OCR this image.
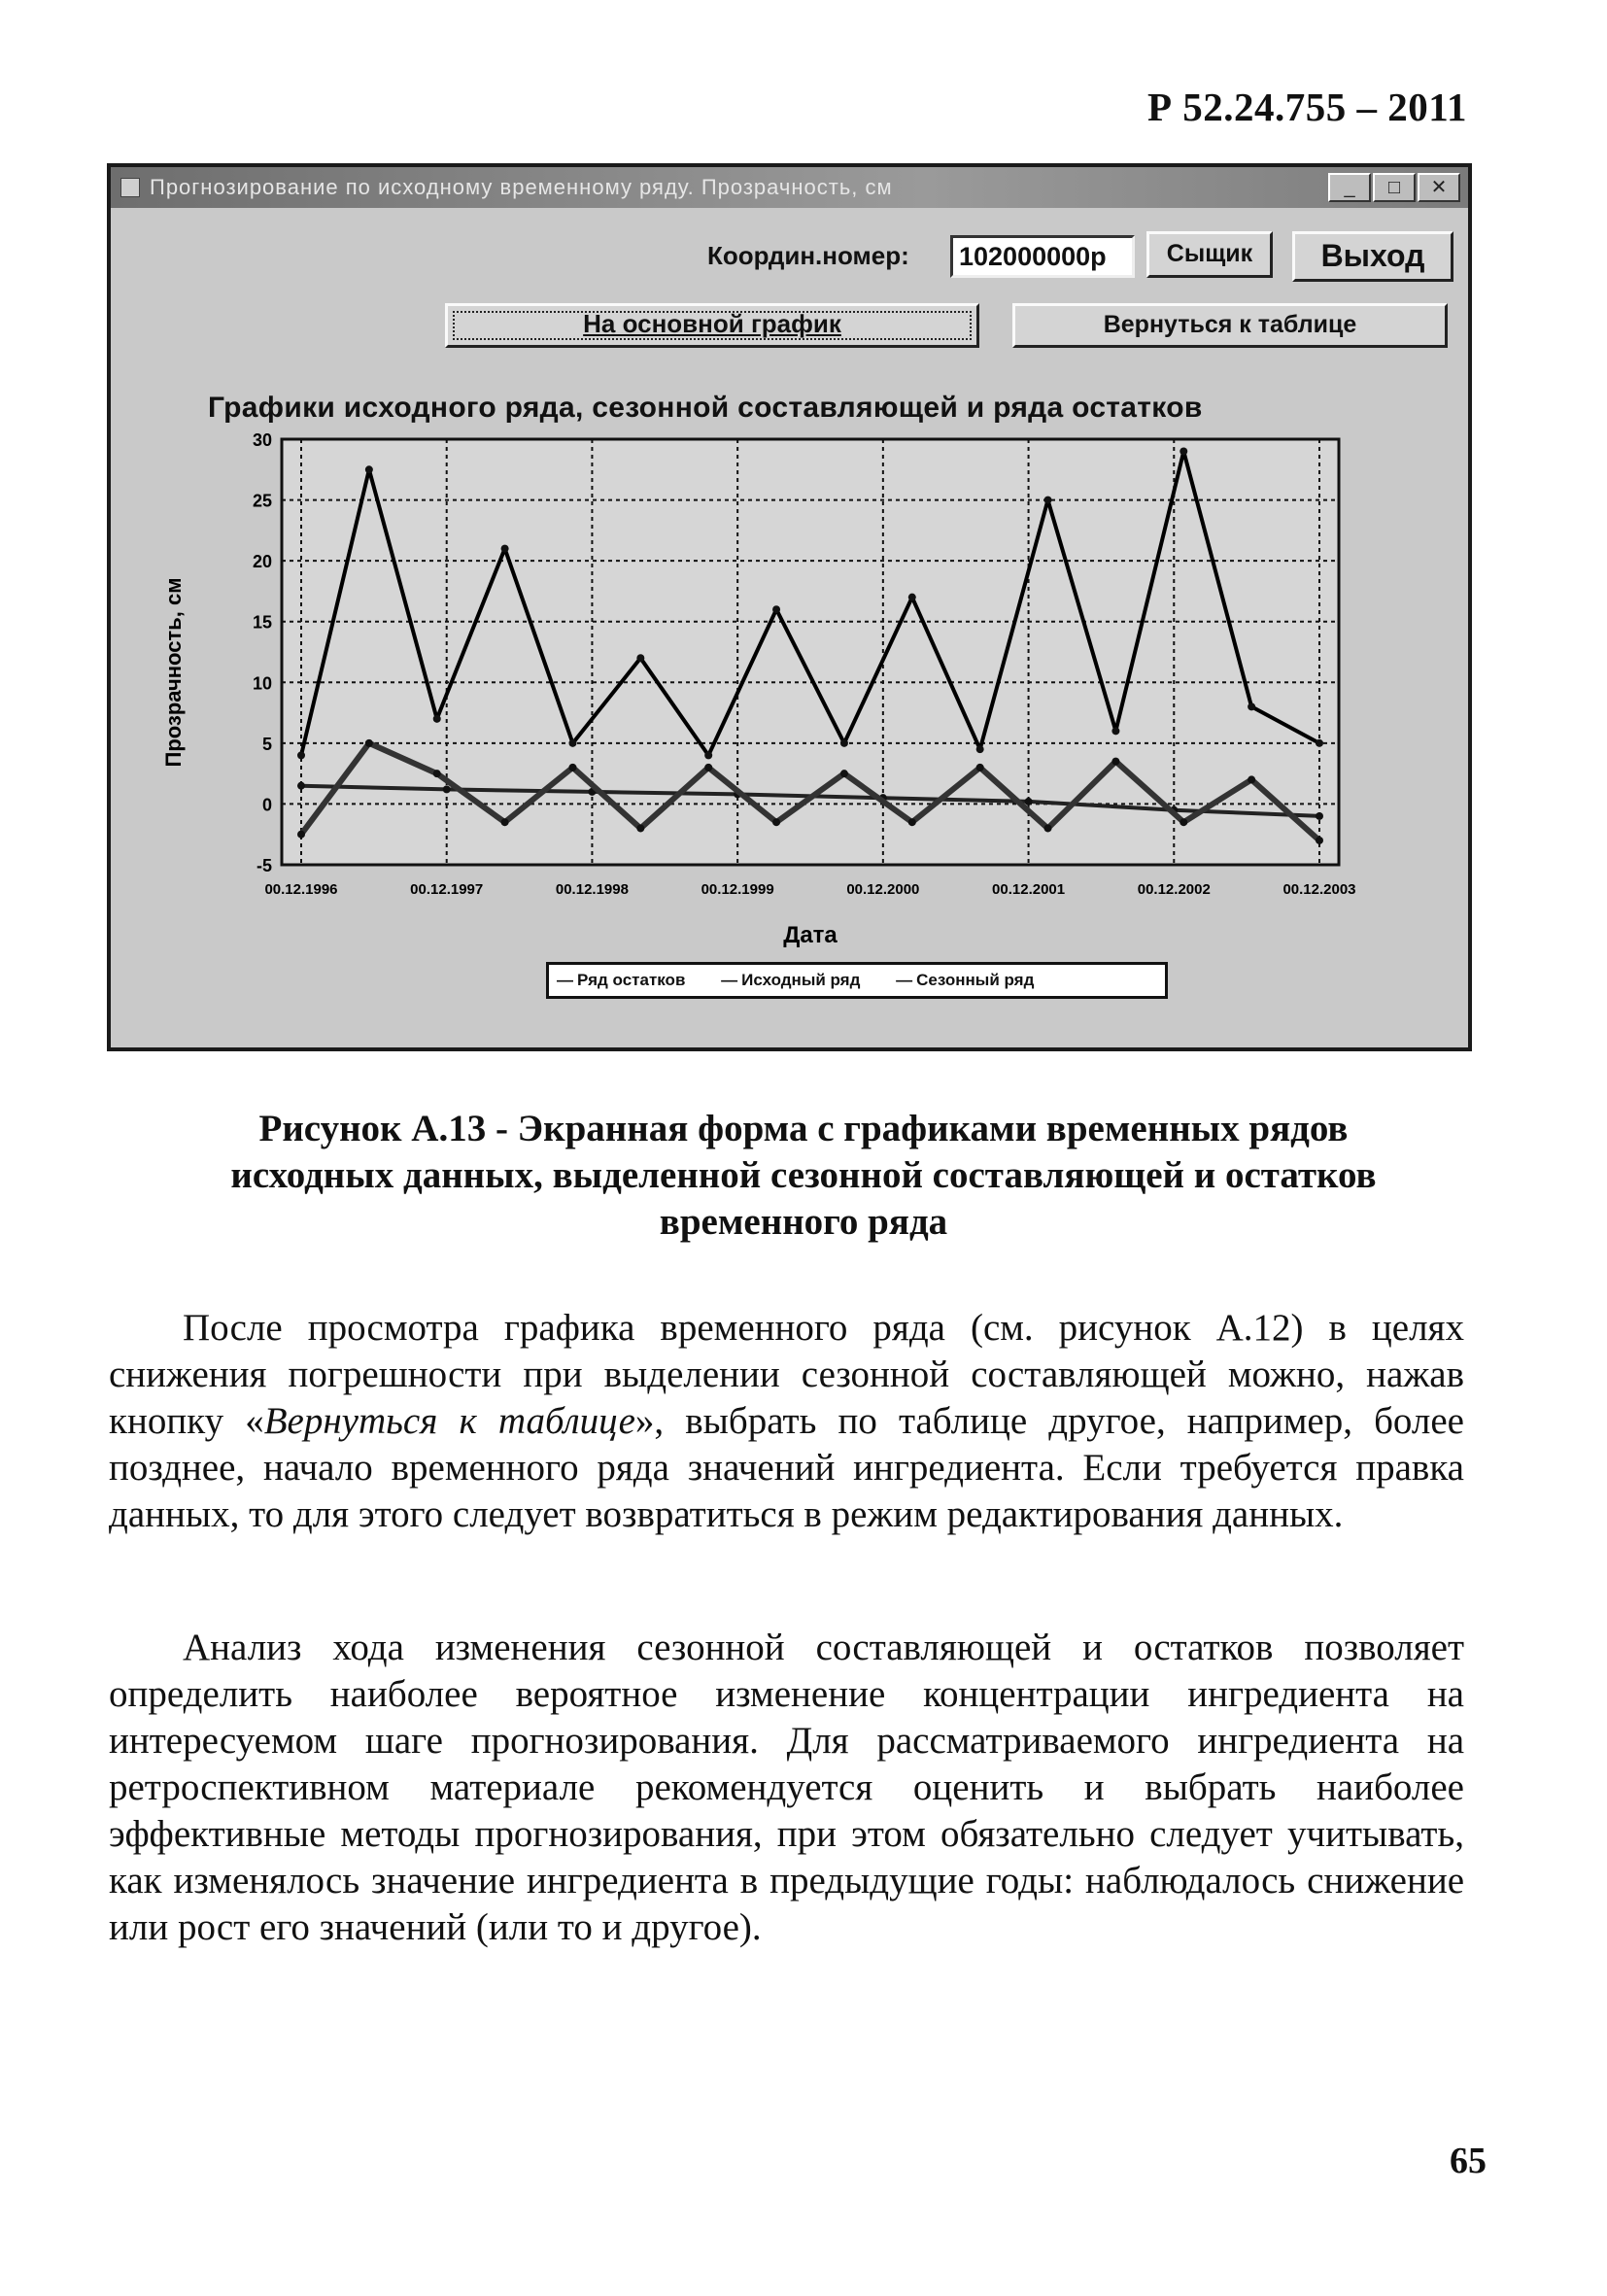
Р 52.24.755 – 2011
Прогнозирование по исходному временному ряду. Прозрачность, см	_	□	✕
Координ.номер:	102000000р	Сыщик	Выход
На основной график	Вернуться к таблице
Графики исходного ряда, сезонной составляющей и ряда остатков
30
25
20
15
10
5
0
-5
00.12.1996	00.12.1997	00.12.1998	00.12.1999	00.12.2000	00.12.2001	00.12.2002	00.12.2003
Прозрачность, см
Дата
— Ряд остатков — Исходный ряд — Сезонный ряд
Рисунок А.13 - Экранная форма с графиками временных рядов
исходных данных, выделенной сезонной составляющей и остатков
временного ряда

После просмотра графика временного ряда (см. рисунок А.12) в целях снижения погрешности при выделении сезонной составляющей можно, нажав кнопку «Вернуться к таблице», выбрать по таблице другое, например, более позднее, начало временного ряда значений ингредиента. Если требуется правка данных, то для этого следует возвратиться в режим редактирования данных.

Анализ хода изменения сезонной составляющей и остатков позволяет определить наиболее вероятное изменение концентрации ингредиента на интересуемом шаге прогнозирования. Для рассматриваемого ингредиента на ретроспективном материале рекомендуется оценить и выбрать наиболее эффективные методы прогнозирования, при этом обязательно следует учитывать, как изменялось значение ингредиента в предыдущие годы: наблюдалось снижение или рост его значений (или то и другое).

65
